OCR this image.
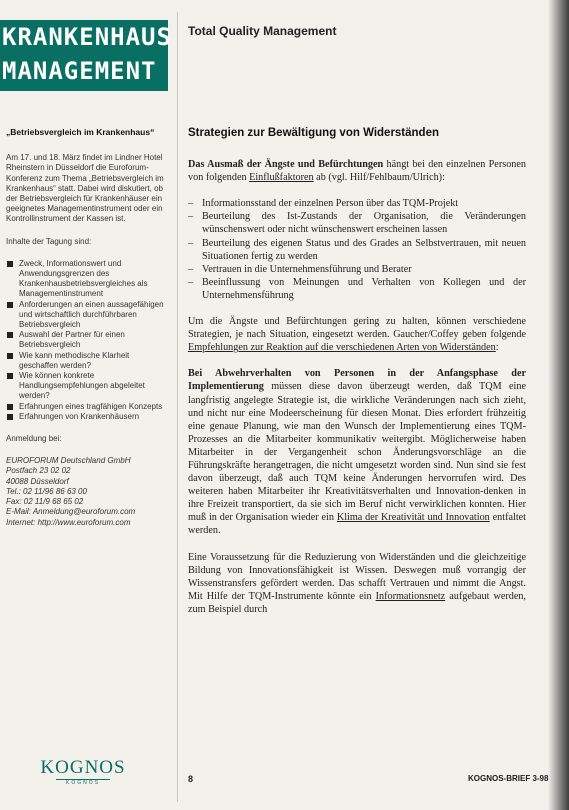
KRANKENHAUS
MANAGEMENT
Total Quality Management
„Betriebsvergleich im Krankenhaus“

Am 17. und 18. März findet im Lindner Hotel Rheinstern in Düsseldorf die Euroforum-Konferenz zum Thema „Betriebsvergleich im Krankenhaus“ statt. Dabei wird diskutiert, ob der Betriebsvergleich für Krankenhäuser ein geeignetes Managementinstrument oder ein Kontrollinstrument der Kassen ist.

Inhalte der Tagung sind:

Zweck, Informationswert und Anwendungsgrenzen des Krankenhausbetriebsvergleiches als Managementinstrument
Anforderungen an einen aussagefähigen und wirtschaftlich durchführbaren Betriebsvergleich
Auswahl der Partner für einen Betriebsvergleich
Wie kann methodische Klarheit geschaffen werden?
Wie können konkrete Handlungsempfehlungen abgeleitet werden?
Erfahrungen eines tragfähigen Konzepts
Erfahrungen von Krankenhäusern

Anmeldung bei:

EUROFORUM Deutschland GmbH
Postfach 23 02 02
40088 Düsseldorf
Tel.: 02 11/96 86 63 00
Fax: 02 11/9 68 65 02
E-Mail: Anmeldung@euroforum.com
Internet: http://www.euroforum.com
KOGNOS
KOGNOS
Strategien zur Bewältigung von Widerständen

Das Ausmaß der Ängste und Befürchtungen hängt bei den einzelnen Personen von folgenden Einflußfaktoren ab (vgl. Hilf/Fehlbaum/Ulrich):

– Informationsstand der einzelnen Person über das TQM-Projekt
– Beurteilung des Ist-Zustands der Organisation, die Veränderungen wünschenswert oder nicht wünschenswert erscheinen lassen
– Beurteilung des eigenen Status und des Grades an Selbstvertrauen, mit neuen Situationen fertig zu werden
– Vertrauen in die Unternehmensführung und Berater
– Beeinflussung von Meinungen und Verhalten von Kollegen und der Unternehmensführung

Um die Ängste und Befürchtungen gering zu halten, können verschiedene Strategien, je nach Situation, eingesetzt werden. Gaucher/Coffey geben folgende Empfehlungen zur Reaktion auf die verschiedenen Arten von Widerständen:

Bei Abwehrverhalten von Personen in der Anfangsphase der Implementierung müssen diese davon überzeugt werden, daß TQM eine langfristig angelegte Strategie ist, die wirkliche Veränderungen nach sich zieht, und nicht nur eine Modeerscheinung für diesen Monat. Dies erfordert frühzeitig eine genaue Planung, wie man den Wunsch der Implementierung eines TQM-Prozesses an die Mitarbeiter kommunikativ weitergibt. Möglicherweise haben Mitarbeiter in der Vergangenheit schon Änderungsvorschläge an die Führungskräfte herangetragen, die nicht umgesetzt worden sind. Nun sind sie fest davon überzeugt, daß auch TQM keine Änderungen hervorrufen wird. Des weiteren haben Mitarbeiter ihr Kreativitätsverhalten und Innovation-denken in ihre Freizeit transportiert, da sie sich im Beruf nicht verwirklichen konnten. Hier muß in der Organisation wieder ein Klima der Kreativität und Innovation entfaltet werden.

Eine Voraussetzung für die Reduzierung von Widerständen und die gleichzeitige Bildung von Innovationsfähigkeit ist Wissen. Deswegen muß vorrangig der Wissenstransfers gefördert werden. Das schafft Vertrauen und nimmt die Angst. Mit Hilfe der TQM-Instrumente könnte ein Informationsnetz aufgebaut werden, zum Beispiel durch

8	KOGNOS-BRIEF 3-98
